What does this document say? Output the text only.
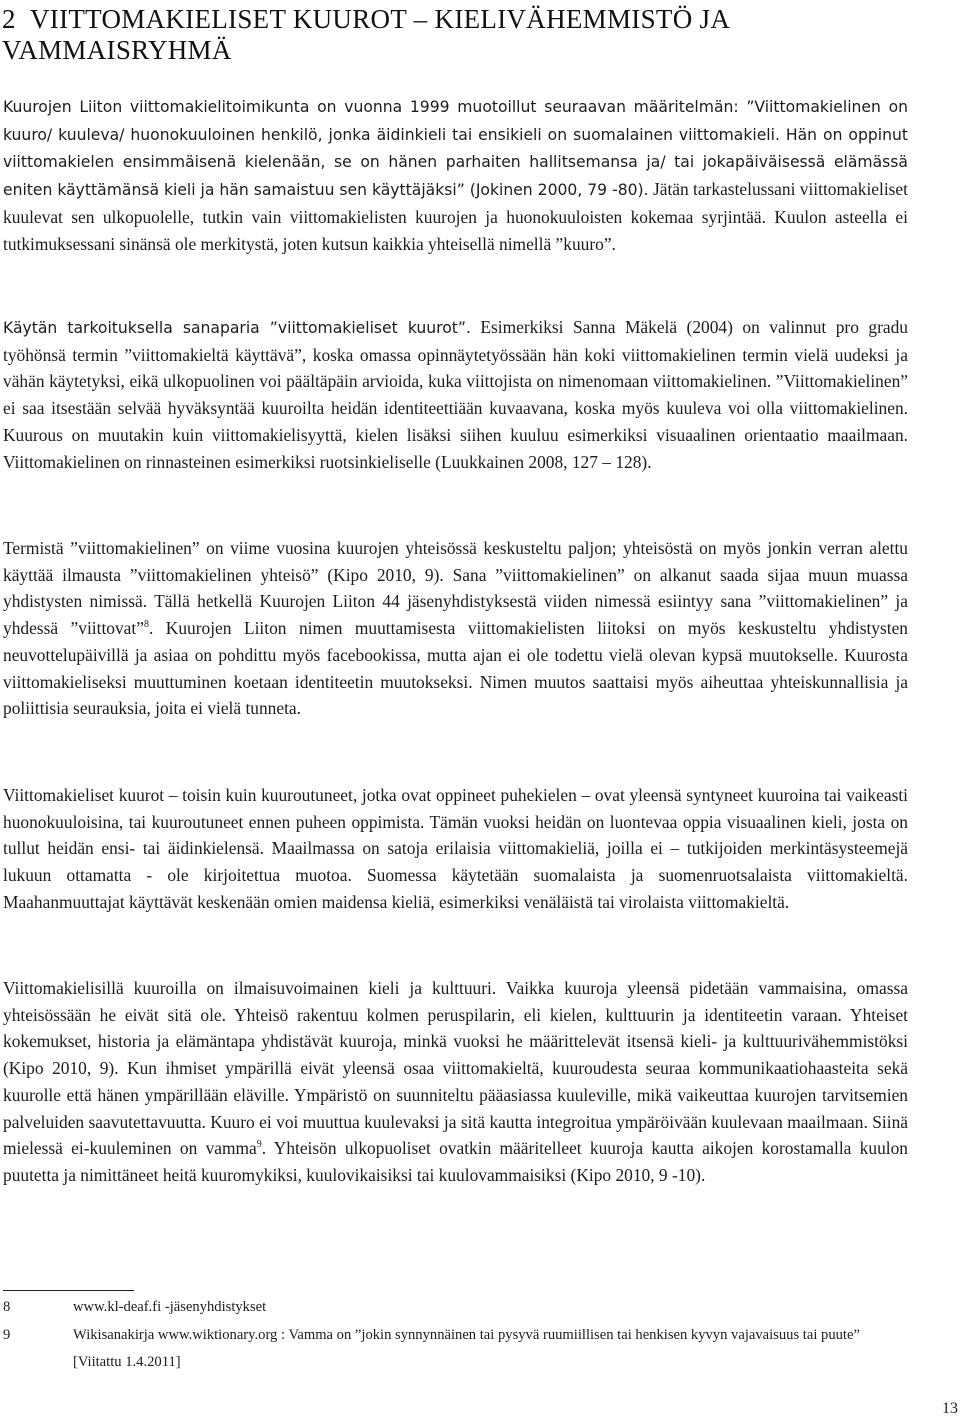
2 VIITTOMAKIELISET KUUROT – KIELIVÄHEMMISTÖ JA VAMMAISRYHMÄ

Kuurojen Liiton viittomakielitoimikunta on vuonna 1999 muotoillut seuraavan määritelmän: ”Viittomakielinen on kuuro/ kuuleva/ huonokuuloinen henkilö, jonka äidinkieli tai ensikieli on suomalainen viittomakieli. Hän on oppinut viittomakielen ensimmäisenä kielenään, se on hänen parhaiten hallitsemansa ja/ tai jokapäiväisessä elämässä eniten käyttämänsä kieli ja hän samaistuu sen käyttäjäksi” (Jokinen 2000, 79 -80). Jätän tarkastelussani viittomakieliset kuulevat sen ulkopuolelle, tutkin vain viittomakielisten kuurojen ja huonokuuloisten kokemaa syrjintää. Kuulon asteella ei tutkimuksessani sinänsä ole merkitystä, joten kutsun kaikkia yhteisellä nimellä ”kuuro”.

Käytän tarkoituksella sanaparia ”viittomakieliset kuurot”. Esimerkiksi Sanna Mäkelä (2004) on valinnut pro gradu työhönsä termin ”viittomakieltä käyttävä”, koska omassa opinnäytetyössään hän koki viittomakielinen termin vielä uudeksi ja vähän käytetyksi, eikä ulkopuolinen voi päältäpäin arvioida, kuka viittojista on nimenomaan viittomakielinen. ”Viittomakielinen” ei saa itsestään selvää hyväksyntää kuuroilta heidän identiteettiään kuvaavana, koska myös kuuleva voi olla viittomakielinen. Kuurous on muutakin kuin viittomakielisyyttä, kielen lisäksi siihen kuuluu esimerkiksi visuaalinen orientaatio maailmaan. Viittomakielinen on rinnasteinen esimerkiksi ruotsinkieliselle (Luukkainen 2008, 127 – 128).

Termistä ”viittomakielinen” on viime vuosina kuurojen yhteisössä keskusteltu paljon; yhteisöstä on myös jonkin verran alettu käyttää ilmausta ”viittomakielinen yhteisö” (Kipo 2010, 9). Sana ”viittomakielinen” on alkanut saada sijaa muun muassa yhdistysten nimissä. Tällä hetkellä Kuurojen Liiton 44 jäsenyhdistyksestä viiden nimessä esiintyy sana ”viittomakielinen” ja yhdessä ”viittovat”$^8$. Kuurojen Liiton nimen muuttamisesta viittomakielisten liitoksi on myös keskusteltu yhdistysten neuvottelupäivillä ja asiaa on pohdittu myös facebookissa, mutta ajan ei ole todettu vielä olevan kypsä muutokselle. Kuurosta viittomakieliseksi muuttuminen koetaan identiteetin muutokseksi. Nimen muutos saattaisi myös aiheuttaa yhteiskunnallisia ja poliittisia seurauksia, joita ei vielä tunneta.

Viittomakieliset kuurot – toisin kuin kuuroutuneet, jotka ovat oppineet puhekielen – ovat yleensä syntyneet kuuroina tai vaikeasti huonokuuloisina, tai kuuroutuneet ennen puheen oppimista. Tämän vuoksi heidän on luontevaa oppia visuaalinen kieli, josta on tullut heidän ensi- tai äidinkielensä. Maailmassa on satoja erilaisia viittomakieliä, joilla ei – tutkijoiden merkintäsysteemejä lukuun ottamatta - ole kirjoitettua muotoa. Suomessa käytetään suomalaista ja suomenruotsalaista viittomakieltä. Maahanmuuttajat käyttävät keskenään omien maidensa kieliä, esimerkiksi venäläistä tai virolaista viittomakieltä.

Viittomakielisillä kuuroilla on ilmaisuvoimainen kieli ja kulttuuri. Vaikka kuuroja yleensä pidetään vammaisina, omassa yhteisössään he eivät sitä ole. Yhteisö rakentuu kolmen peruspilarin, eli kielen, kulttuurin ja identiteetin varaan. Yhteiset kokemukset, historia ja elämäntapa yhdistävät kuuroja, minkä vuoksi he määrittelevät itsensä kieli- ja kulttuurivähemmistöksi (Kipo 2010, 9). Kun ihmiset ympärillä eivät yleensä osaa viittomakieltä, kuuroudesta seuraa kommunikaatiohaasteita sekä kuurolle että hänen ympärillään eläville. Ympäristö on suunniteltu pääasiassa kuuleville, mikä vaikeuttaa kuurojen tarvitsemien palveluiden saavutettavuutta. Kuuro ei voi muuttua kuulevaksi ja sitä kautta integroitua ympäröivään kuulevaan maailmaan. Siinä mielessä ei-kuuleminen on vamma$^9$. Yhteisön ulkopuoliset ovatkin määritelleet kuuroja kautta aikojen korostamalla kuulon puutetta ja nimittäneet heitä kuuromykiksi, kuulovikaisiksi tai kuulovammaisiksi (Kipo 2010, 9 -10).

8	www.kl-deaf.fi -jäsenyhdistykset
9	Wikisanakirja www.wiktionary.org : Vamma on ”jokin synnynnäinen tai pysyvä ruumiillisen tai henkisen kyvyn vajavaisuus tai puute” [Viitattu 1.4.2011]
13
